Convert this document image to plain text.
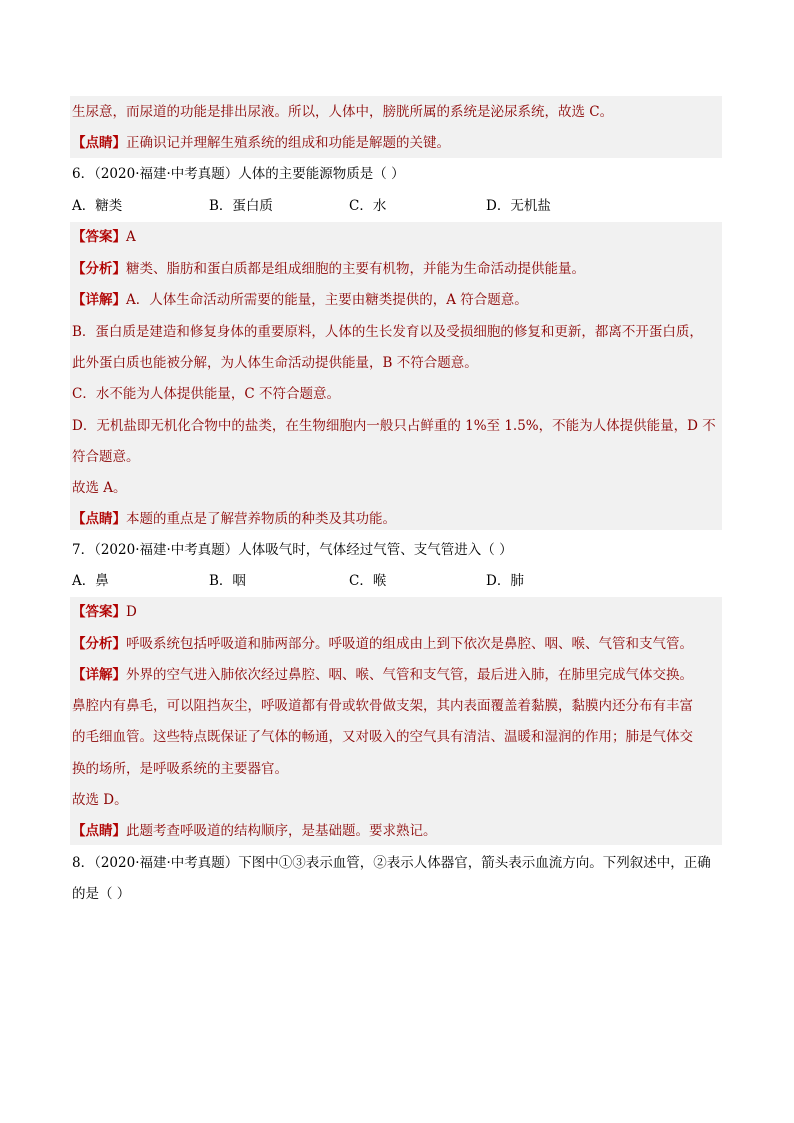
生尿意，而尿道的功能是排出尿液。所以，人体中，膀胱所属的系统是泌尿系统，故选 C。
【点睛】正确识记并理解生殖系统的组成和功能是解题的关键。
6．（2020·福建·中考真题）人体的主要能源物质是（ ）
A．糖类	B．蛋白质	C．水	D．无机盐
【答案】A
【分析】糖类、脂肪和蛋白质都是组成细胞的主要有机物，并能为生命活动提供能量。
【详解】A．人体生命活动所需要的能量，主要由糖类提供的，A 符合题意。
B．蛋白质是建造和修复身体的重要原料，人体的生长发育以及受损细胞的修复和更新，都离不开蛋白质，
此外蛋白质也能被分解，为人体生命活动提供能量，B 不符合题意。
C．水不能为人体提供能量，C 不符合题意。
D．无机盐即无机化合物中的盐类，在生物细胞内一般只占鲜重的 1%至 1.5%，不能为人体提供能量，D 不
符合题意。
故选 A。
【点睛】本题的重点是了解营养物质的种类及其功能。
7．（2020·福建·中考真题）人体吸气时，气体经过气管、支气管进入（ ）
A．鼻	B．咽	C．喉	D．肺
【答案】D
【分析】呼吸系统包括呼吸道和肺两部分。呼吸道的组成由上到下依次是鼻腔、咽、喉、气管和支气管。
【详解】外界的空气进入肺依次经过鼻腔、咽、喉、气管和支气管，最后进入肺，在肺里完成气体交换。
鼻腔内有鼻毛，可以阻挡灰尘，呼吸道都有骨或软骨做支架，其内表面覆盖着黏膜，黏膜内还分布有丰富
的毛细血管。这些特点既保证了气体的畅通，又对吸入的空气具有清洁、温暖和湿润的作用；肺是气体交
换的场所，是呼吸系统的主要器官。
故选 D。
【点睛】此题考查呼吸道的结构顺序，是基础题。要求熟记。
8．（2020·福建·中考真题）下图中①③表示血管，②表示人体器官，箭头表示血流方向。下列叙述中，正确
的是（ ）
